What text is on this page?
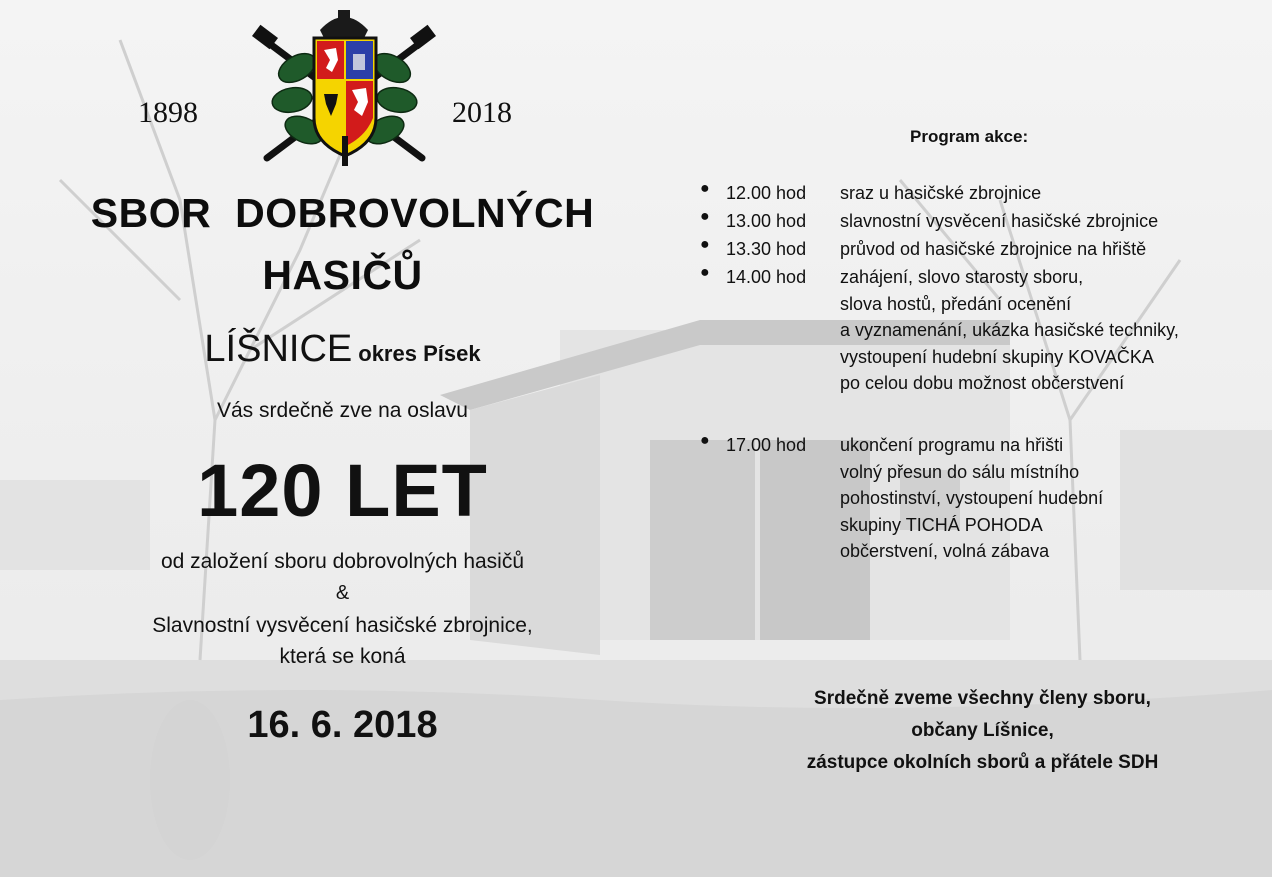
1898	2018
SBOR DOBROVOLNÝCH
HASIČŮ
LÍŠNICE okres Písek
Vás srdečně zve na oslavu
120 LET
od založení sboru dobrovolných hasičů
&
Slavnostní vysvěcení hasičské zbrojnice,
která se koná
16. 6. 2018
Program akce:
● 12.00 hod sraz u hasičské zbrojnice
● 13.00 hod slavnostní vysvěcení hasičské zbrojnice
● 13.30 hod průvod od hasičské zbrojnice na hřiště
● 14.00 hod zahájení, slovo starosty sboru,
slova hostů, předání ocenění
a vyznamenání, ukázka hasičské techniky,
vystoupení hudební skupiny KOVAČKA
po celou dobu možnost občerstvení
● 17.00 hod ukončení programu na hřišti
volný přesun do sálu místního
pohostinství, vystoupení hudební
skupiny TICHÁ POHODA
občerstvení, volná zábava
Srdečně zveme všechny členy sboru,
občany Líšnice,
zástupce okolních sborů a přátele SDH
